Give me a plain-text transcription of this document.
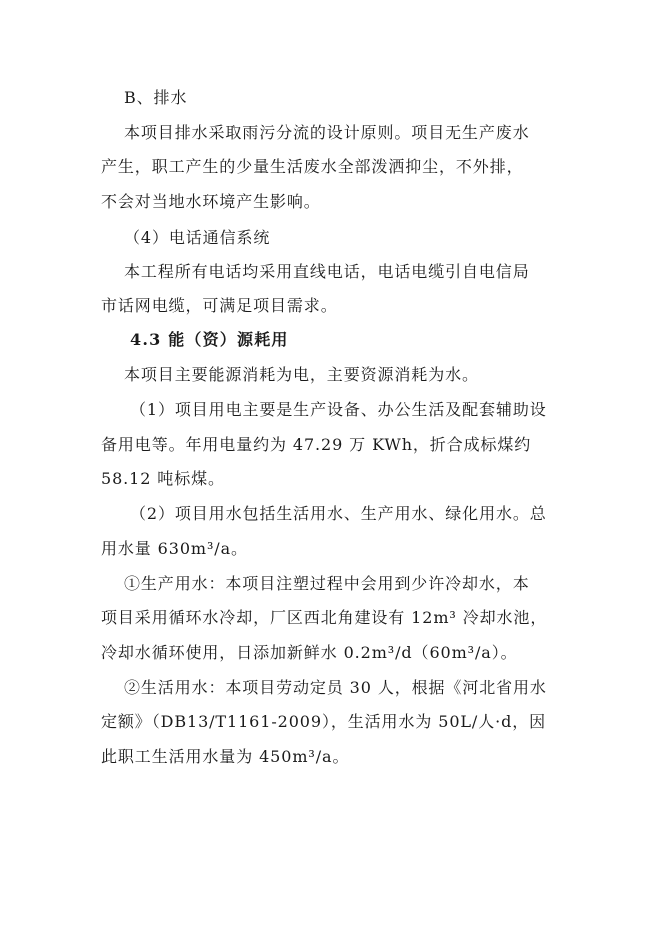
B、排水
本项目排水采取雨污分流的设计原则。项目无生产废水
产生，职工产生的少量生活废水全部泼洒抑尘，不外排，
不会对当地水环境产生影响。
（4）电话通信系统
本工程所有电话均采用直线电话，电话电缆引自电信局
市话网电缆，可满足项目需求。
4.3 能（资）源耗用
本项目主要能源消耗为电，主要资源消耗为水。
（1）项目用电主要是生产设备、办公生活及配套辅助设
备用电等。年用电量约为 47.29 万 KWh，折合成标煤约
58.12 吨标煤。
（2）项目用水包括生活用水、生产用水、绿化用水。总
用水量 630m³/a。
①生产用水：本项目注塑过程中会用到少许冷却水，本
项目采用循环水冷却，厂区西北角建设有 12m³ 冷却水池，
冷却水循环使用，日添加新鲜水 0.2m³/d（60m³/a）。
②生活用水：本项目劳动定员 30 人，根据《河北省用水
定额》（DB13/T1161-2009），生活用水为 50L/人·d，因
此职工生活用水量为 450m³/a。
